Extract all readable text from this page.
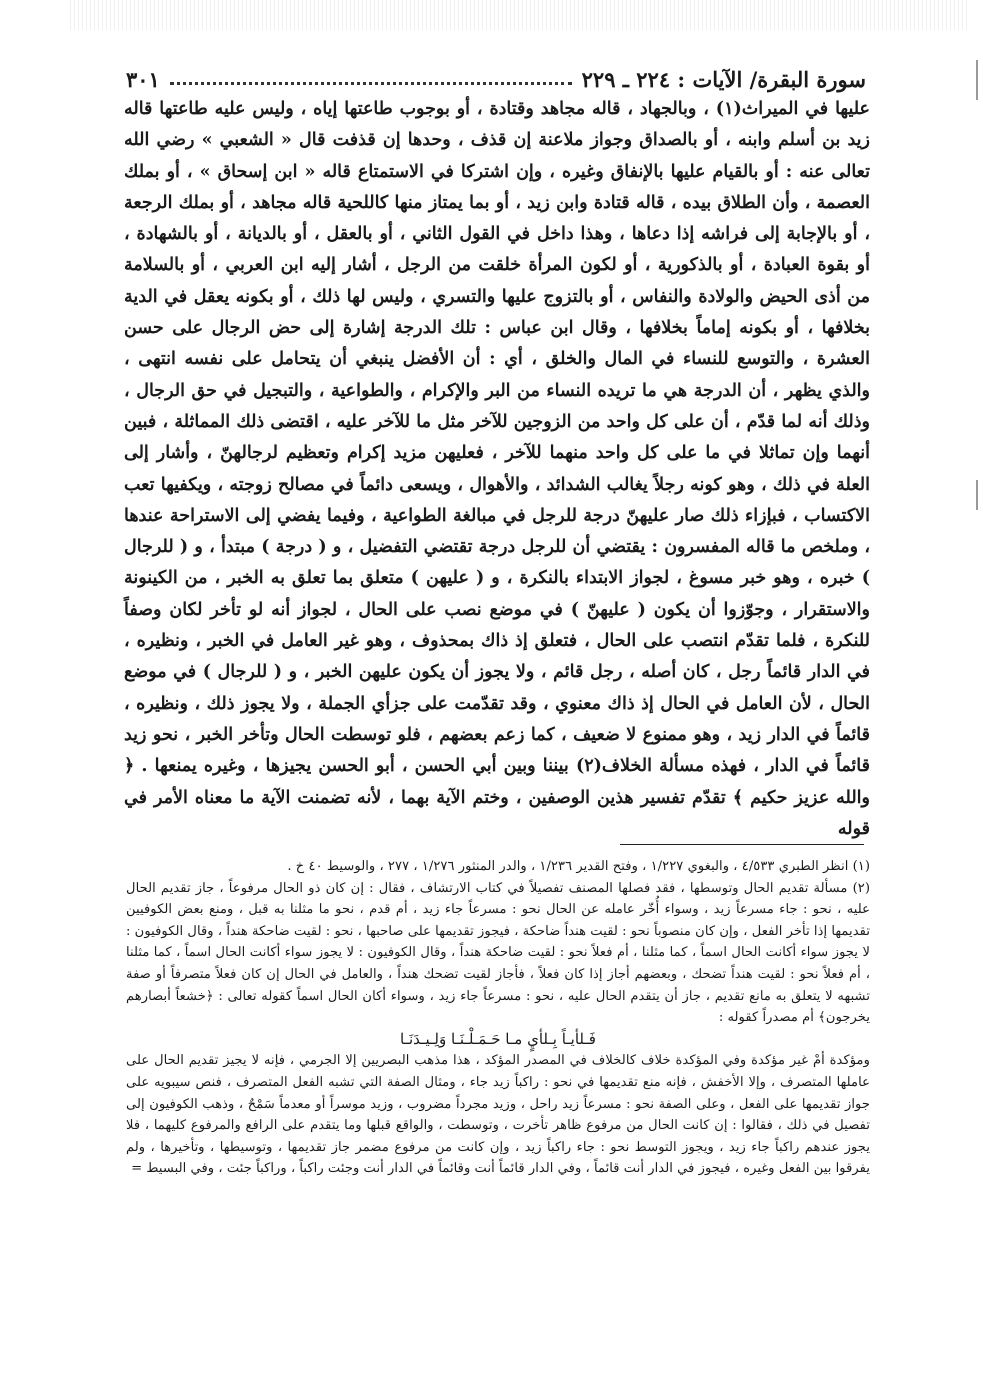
سورة البقرة/ الآيات : ٢٢٤ ـ ٢٢٩
٣٠١

عليها في الميراث(١) ، وبالجهاد ، قاله مجاهد وقتادة ، أو بوجوب طاعتها إياه ، وليس عليه طاعتها قاله زيد بن أسلم وابنه ، أو بالصداق وجواز ملاعنة إن قذف ، وحدها إن قذفت قال « الشعبي » رضي الله تعالى عنه : أو بالقيام عليها بالإنفاق وغيره ، وإن اشتركا في الاستمتاع قاله « ابن إسحاق » ، أو بملك العصمة ، وأن الطلاق بيده ، قاله قتادة وابن زيد ، أو بما يمتاز منها كاللحية قاله مجاهد ، أو بملك الرجعة ، أو بالإجابة إلى فراشه إذا دعاها ، وهذا داخل في القول الثاني ، أو بالعقل ، أو بالديانة ، أو بالشهادة ، أو بقوة العبادة ، أو بالذكورية ، أو لكون المرأة خلقت من الرجل ، أشار إليه ابن العربي ، أو بالسلامة من أذى الحيض والولادة والنفاس ، أو بالتزوج عليها والتسري ، وليس لها ذلك ، أو بكونه يعقل في الدية بخلافها ، أو بكونه إماماً بخلافها ، وقال ابن عباس : تلك الدرجة إشارة إلى حض الرجال على حسن العشرة ، والتوسع للنساء في المال والخلق ، أي : أن الأفضل ينبغي أن يتحامل على نفسه انتهى ، والذي يظهر ، أن الدرجة هي ما تريده النساء من البر والإكرام ، والطواعية ، والتبجيل في حق الرجال ، وذلك أنه لما قدّم ، أن على كل واحد من الزوجين للآخر مثل ما للآخر عليه ، اقتضى ذلك المماثلة ، فبين أنهما وإن تماثلا في ما على كل واحد منهما للآخر ، فعليهن مزيد إكرام وتعظيم لرجالهنّ ، وأشار إلى العلة في ذلك ، وهو كونه رجلاً يغالب الشدائد ، والأهوال ، ويسعى دائماً في مصالح زوجته ، ويكفيها تعب الاكتساب ، فبإزاء ذلك صار عليهنّ درجة للرجل في مبالغة الطواعية ، وفيما يفضي إلى الاستراحة عندها ، وملخص ما قاله المفسرون : يقتضي أن للرجل درجة تقتضي التفضيل ، و ( درجة ) مبتدأ ، و ( للرجال ) خبره ، وهو خبر مسوغ ، لجواز الابتداء بالنكرة ، و ( عليهن ) متعلق بما تعلق به الخبر ، من الكينونة والاستقرار ، وجوّزوا أن يكون ( عليهنّ ) في موضع نصب على الحال ، لجواز أنه لو تأخر لكان وصفاً للنكرة ، فلما تقدّم انتصب على الحال ، فتعلق إذ ذاك بمحذوف ، وهو غير العامل في الخبر ، ونظيره ، في الدار قائماً رجل ، كان أصله ، رجل قائم ، ولا يجوز أن يكون عليهن الخبر ، و ( للرجال ) في موضع الحال ، لأن العامل في الحال إذ ذاك معنوي ، وقد تقدّمت على جزأي الجملة ، ولا يجوز ذلك ، ونظيره ، قائماً في الدار زيد ، وهو ممنوع لا ضعيف ، كما زعم بعضهم ، فلو توسطت الحال وتأخر الخبر ، نحو زيد قائماً في الدار ، فهذه مسألة الخلاف(٢) بيننا وبين أبي الحسن ، أبو الحسن يجيزها ، وغيره يمنعها . ﴿ والله عزيز حكيم ﴾ تقدّم تفسير هذين الوصفين ، وختم الآية بهما ، لأنه تضمنت الآية ما معناه الأمر في قوله

(١) انظر الطبري ٤/٥٣٣ ، والبغوي ١/٢٢٧ ، وفتح القدير ١/٢٣٦ ، والدر المنثور ١/٢٧٦ ، ٢٧٧ ، والوسيط ٤٠ خ .

(٢) مسألة تقديم الحال وتوسطها ، فقد فصلها المصنف تفصيلاً في كتاب الارتشاف ، فقال : إن كان ذو الحال مرفوعاً ، جاز تقديم الحال عليه ، نحو : جاء مسرعاً زيد ، وسواء أُخّر عامله عن الحال نحو : مسرعاً جاء زيد ، أم قدم ، نحو ما مثلنا به قبل ، ومنع بعض الكوفيين تقديمها إذا تأخر الفعل ، وإن كان منصوباً نحو : لقيت هنداً ضاحكة ، فيجوز تقديمها على صاحبها ، نحو : لقيت ضاحكة هنداً ، وقال الكوفيون : لا يجوز سواء أكانت الحال اسماً ، كما مثلنا ، أم فعلاً نحو : لقيت ضاحكة هنداً ، وقال الكوفيون : لا يجوز سواء أكانت الحال اسماً ، كما مثلنا ، أم فعلاً نحو : لقيت هنداً تضحك ، وبعضهم أجاز إذا كان فعلاً ، فأجاز لقيت تضحك هنداً ، والعامل في الحال إن كان فعلاً متصرفاً أو صفة تشبهه لا يتعلق به مانع تقديم ، جاز أن يتقدم الحال عليه ، نحو : مسرعاً جاء زيد ، وسواء أكان الحال اسماً كقوله تعالى : ﴿خشعاً أبصارهم يخرجون﴾ أم مصدراً كقوله :

فَـلأيـاً بِـلأيٍ مـا حَـمَـلْـنَـا وَلِـيـدَنَـا

ومؤكدة أمْ غير مؤكدة وفي المؤكدة خلاف كالخلاف في المصدر المؤكد ، هذا مذهب البصريين إلا الجرمي ، فإنه لا يجيز تقديم الحال على عاملها المتصرف ، وإلا الأخفش ، فإنه منع تقديمها في نحو : راكباً زيد جاء ، ومثال الصفة التي تشبه الفعل المتصرف ، فنص سيبويه على جواز تقديمها على الفعل ، وعلى الصفة نحو : مسرعاً زيد راحل ، وزيد مجرداً مضروب ، وزيد موسراً أو معدماً سَمْحٌ ، وذهب الكوفيون إلى تفصيل في ذلك ، فقالوا : إن كانت الحال من مرفوع ظاهر تأخرت ، وتوسطت ، والواقع قبلها وما يتقدم على الرافع والمرفوع كليهما ، فلا يجوز عندهم راكباً جاء زيد ، ويجوز التوسط نحو : جاء راكباً زيد ، وإن كانت من مرفوع مضمر جاز تقديمها ، وتوسيطها ، وتأخيرها ، ولم يفرقوا بين الفعل وغيره ، فيجوز في الدار أنت قائماً ، وفي الدار قائماً أنت وقائماً في الدار أنت وجئت راكباً ، وراكباً جئت ، وفي البسيط =
